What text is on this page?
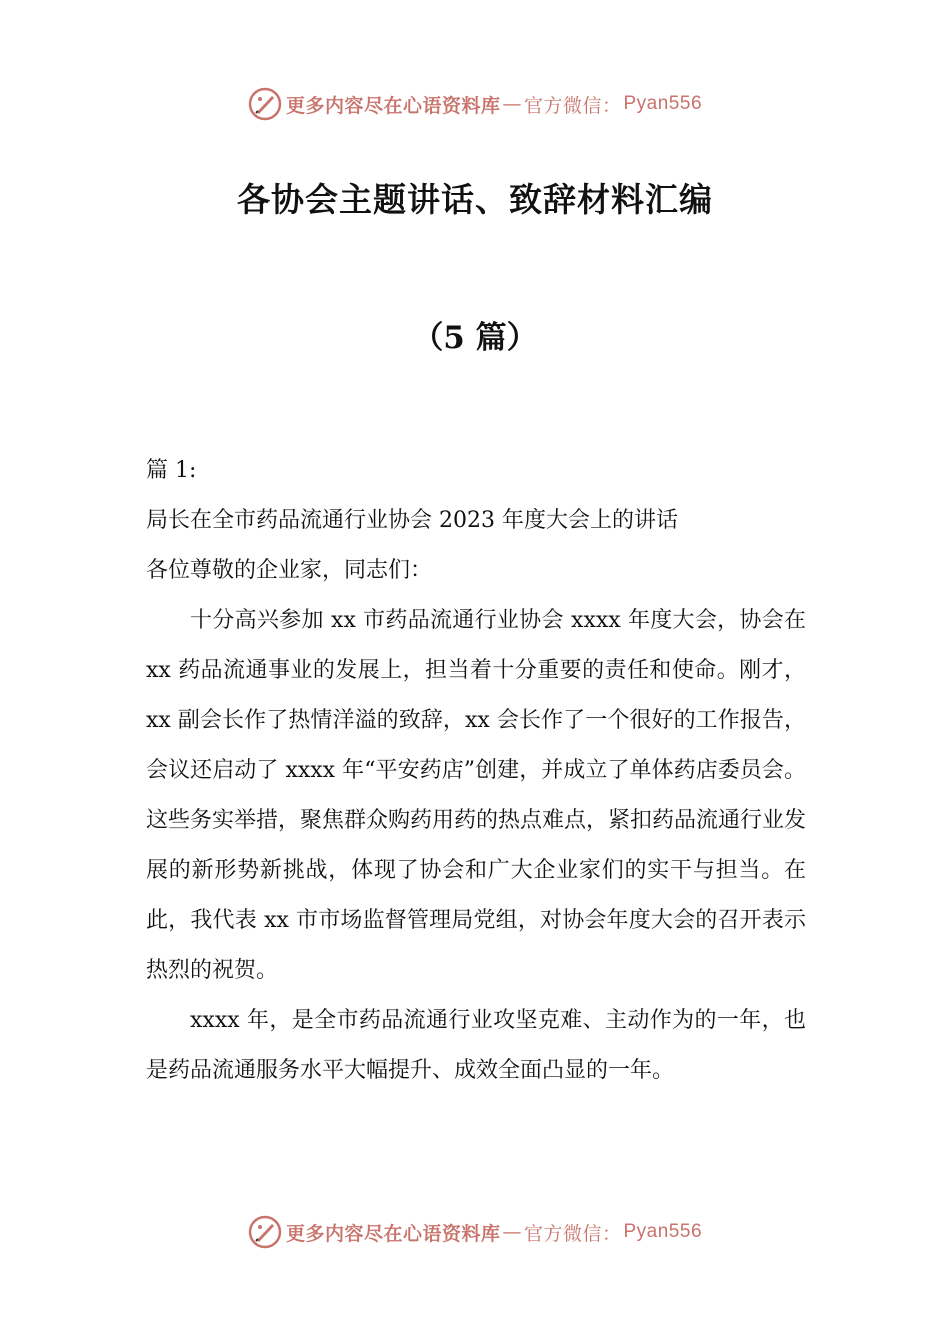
更多内容尽在心语资料库 — 官方微信： Pyan556
各协会主题讲话、致辞材料汇编
（5 篇）

篇 1:

局长在全市药品流通行业协会 2023 年度大会上的讲话

各位尊敬的企业家，同志们：

十分高兴参加 xx 市药品流通行业协会 xxxx 年度大会，协会在 xx 药品流通事业的发展上，担当着十分重要的责任和使命。刚才，xx 副会长作了热情洋溢的致辞，xx 会长作了一个很好的工作报告，会议还启动了 xxxx 年“平安药店”创建，并成立了单体药店委员会。这些务实举措，聚焦群众购药用药的热点难点，紧扣药品流通行业发展的新形势新挑战，体现了协会和广大企业家们的实干与担当。在此，我代表 xx 市市场监督管理局党组，对协会年度大会的召开表示热烈的祝贺。

xxxx 年，是全市药品流通行业攻坚克难、主动作为的一年，也是药品流通服务水平大幅提升、成效全面凸显的一年。

更多内容尽在心语资料库 — 官方微信： Pyan556
